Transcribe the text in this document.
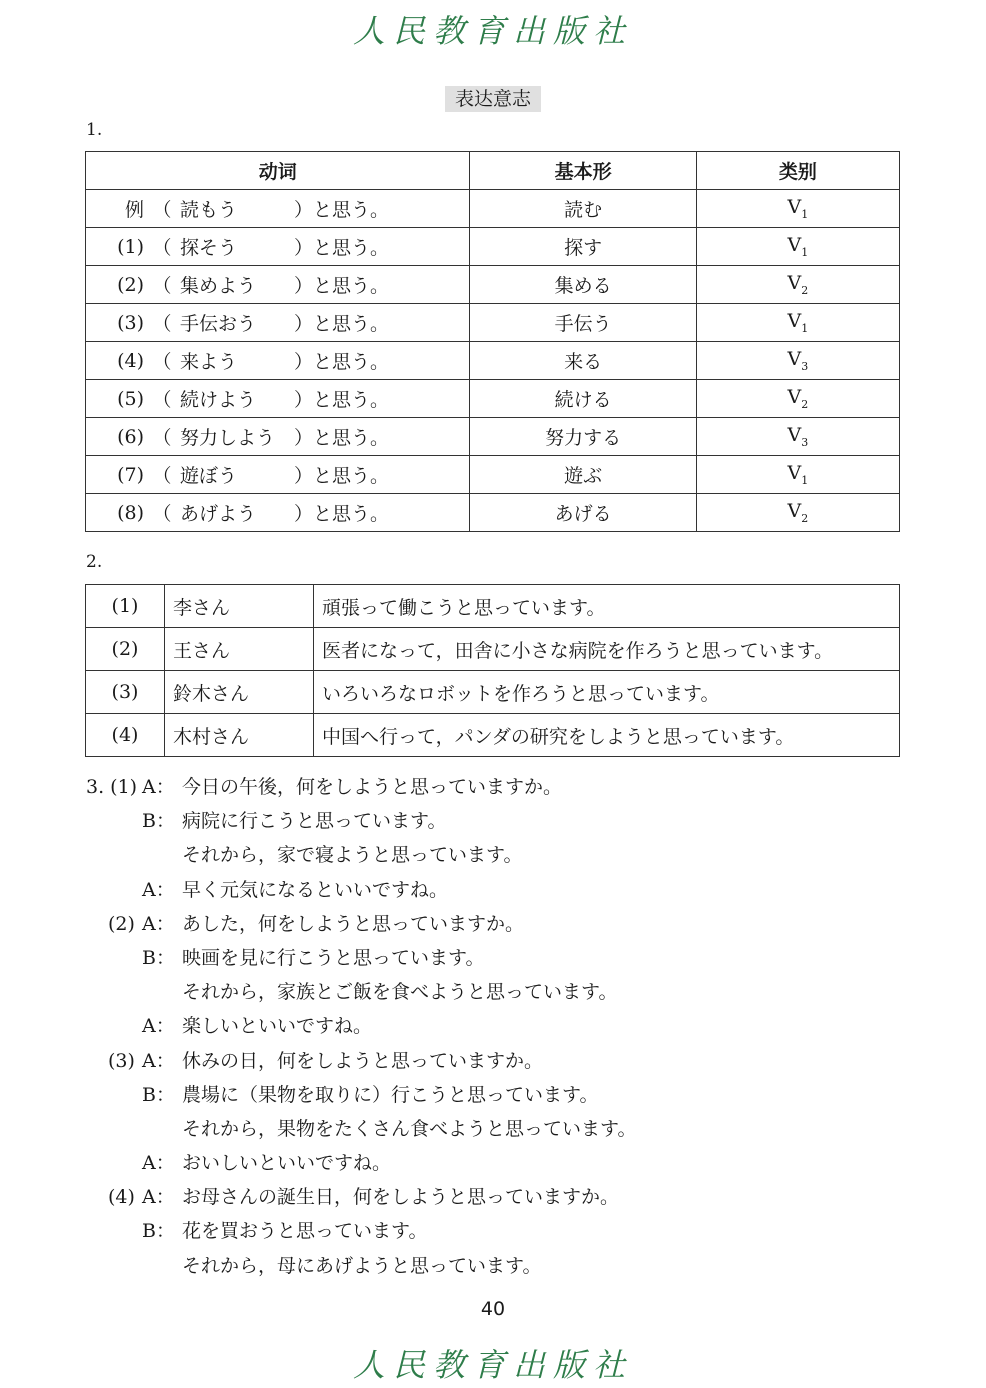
人民教育出版社
表达意志
1.
动词	基本形	类别

例 （ 読もう ）と思う。	読む	$V_1$

(1) （ 探そう ）と思う。	探す	$V_1$

(2) （ 集めよう ）と思う。	集める	$V_2$

(3) （ 手伝おう ）と思う。	手伝う	$V_1$

(4) （ 来よう ）と思う。	来る	$V_3$

(5) （ 続けよう ）と思う。	続ける	$V_2$

(6) （ 努力しよう ）と思う。	努力する	$V_3$

(7) （ 遊ぼう ）と思う。	遊ぶ	$V_1$

(8) （ あげよう ）と思う。	あげる	$V_2$
2.
(1)	李さん	頑張って働こうと思っています。
(2)	王さん	医者になって，田舎に小さな病院を作ろうと思っています。
(3)	鈴木さん	いろいろなロボットを作ろうと思っています。
(4)	木村さん	中国へ行って，パンダの研究をしようと思っています。
3. (1) A： 今日の午後，何をしようと思っていますか。
B： 病院に行こうと思っています。
それから，家で寝ようと思っています。
A： 早く元気になるといいですね。
(2) A： あした，何をしようと思っていますか。
B： 映画を見に行こうと思っています。
それから，家族とご飯を食べようと思っています。
A： 楽しいといいですね。
(3) A： 休みの日，何をしようと思っていますか。
B： 農場に（果物を取りに）行こうと思っています。
それから，果物をたくさん食べようと思っています。
A： おいしいといいですね。
(4) A： お母さんの誕生日，何をしようと思っていますか。
B： 花を買おうと思っています。
それから，母にあげようと思っています。
40
人民教育出版社
